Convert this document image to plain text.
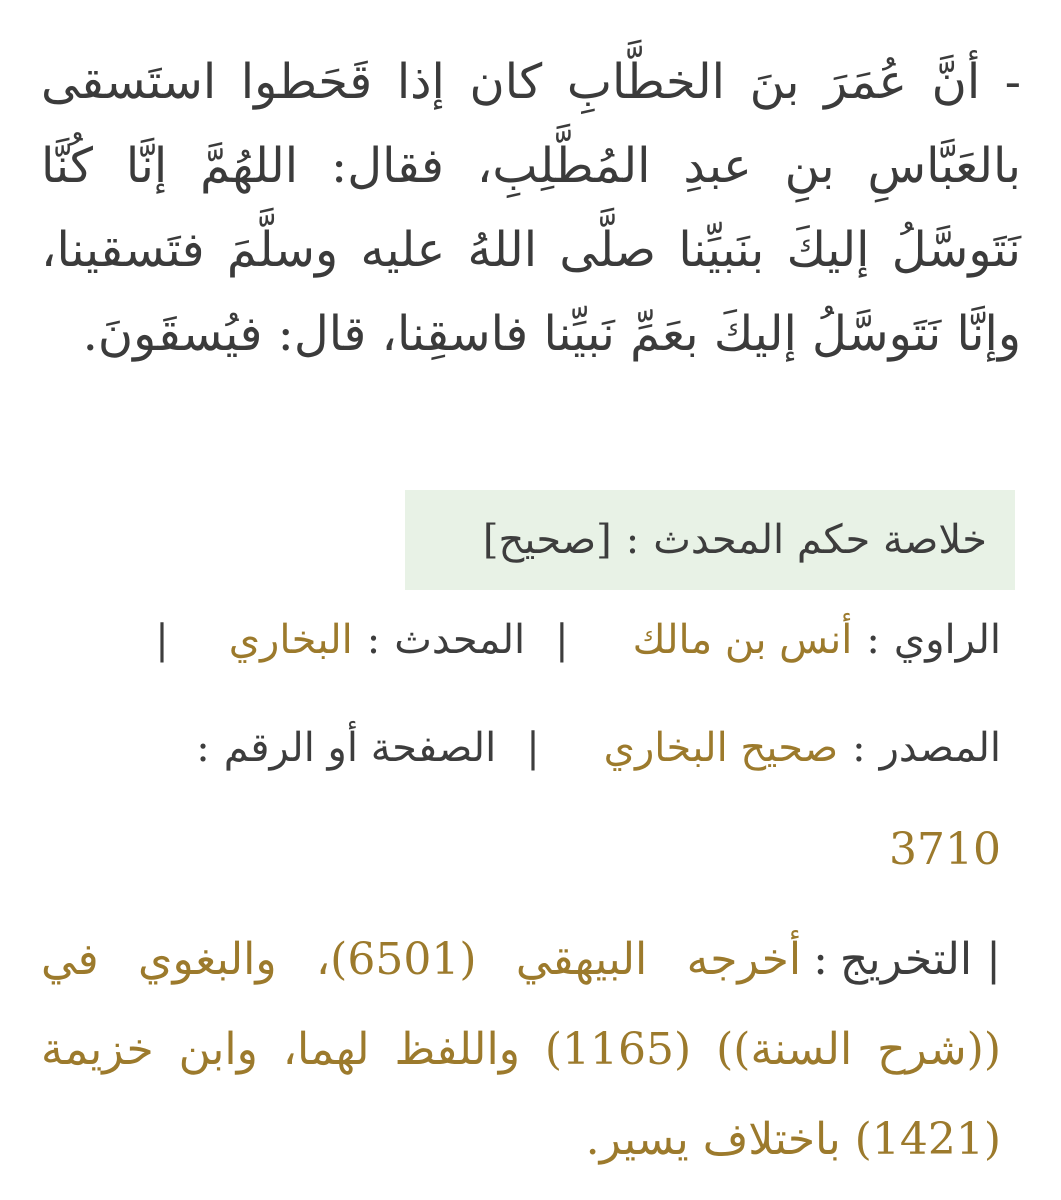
- أنَّ عُمَرَ بنَ الخطَّابِ كان إذا قَحَطوا استَسقى بالعَبَّاسِ بنِ عبدِ المُطَّلِبِ، فقال: اللهُمَّ إنَّا كُنَّا نَتَوسَّلُ إليكَ بنَبيِّنا صلَّى اللهُ عليه وسلَّمَ فتَسقينا، وإنَّا نَتَوسَّلُ إليكَ بعَمِّ نَبيِّنا فاسقِنا، قال: فيُسقَونَ.

خلاصة حكم المحدث
:
[صحيح]
الراوي
:
أنس بن مالك
|
المحدث
:
البخاري
|
المصدر
:
صحيح البخاري
|
الصفحة أو الرقم
:
3710

|التخريج:أخرجه البيهقي (6501)، والبغوي في ((شرح السنة)) (1165) واللفظ لهما، وابن خزيمة (1421) باختلاف يسير.
